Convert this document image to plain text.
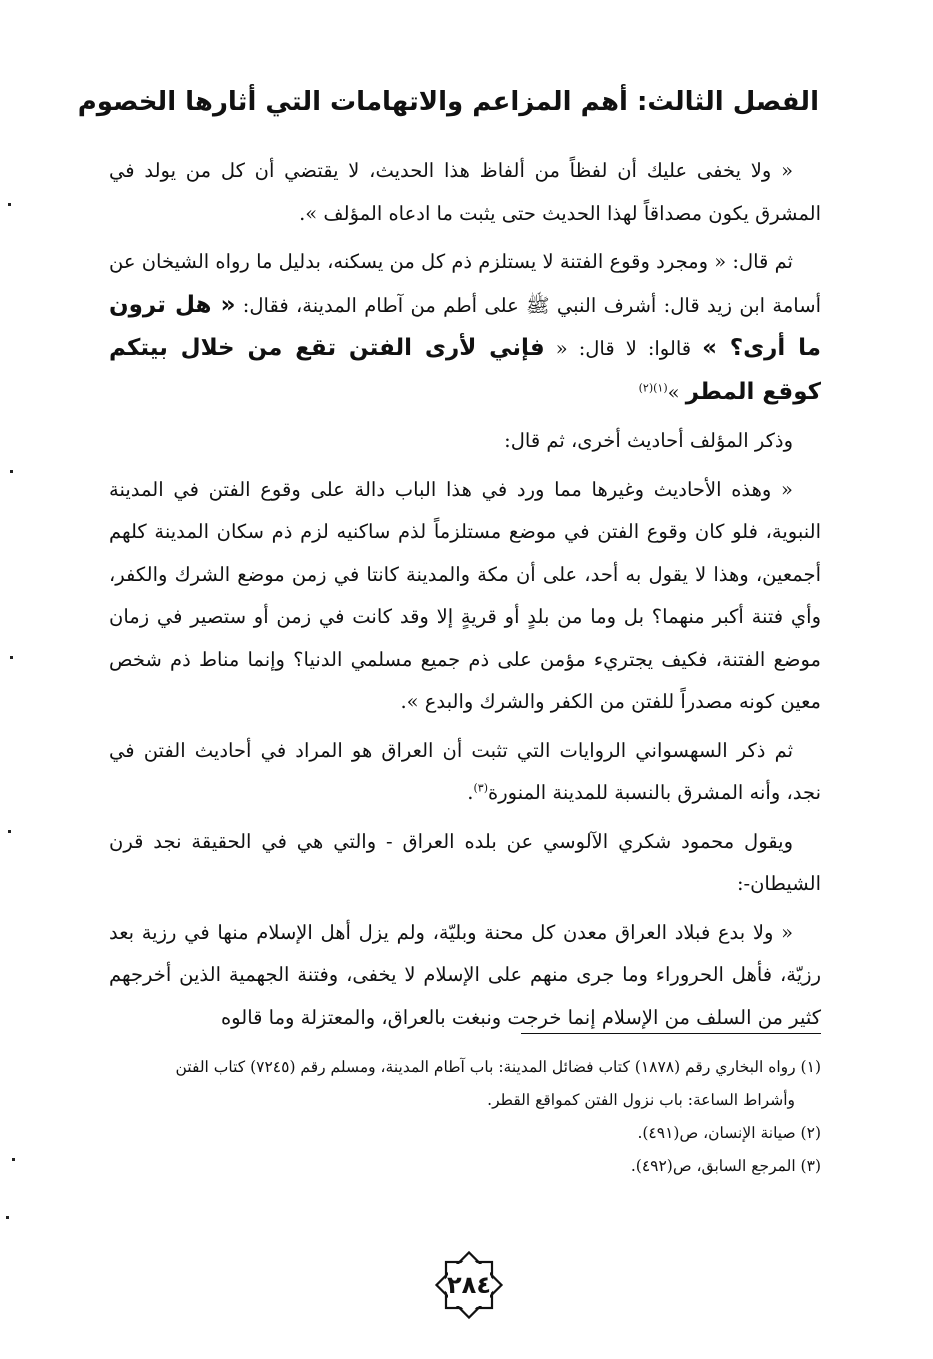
الفصل الثالث: أهم المزاعم والاتهامات التي أثارها الخصوم

« ولا يخفى عليك أن لفظاً من ألفاظ هذا الحديث، لا يقتضي أن كل من يولد في المشرق يكون مصداقاً لهذا الحديث حتى يثبت ما ادعاه المؤلف ».

ثم قال: « ومجرد وقوع الفتنة لا يستلزم ذم كل من يسكنه، بدليل ما رواه الشيخان عن أسامة ابن زيد قال: أشرف النبي ﷺ على أطم من آطام المدينة، فقال: « هل ترون ما أرى؟ » قالوا: لا قال: « فإني لأرى الفتن تقع من خلال بيتكم كوقع المطر »$^{(١)(٢)}$

وذكر المؤلف أحاديث أخرى، ثم قال:

« وهذه الأحاديث وغيرها مما ورد في هذا الباب دالة على وقوع الفتن في المدينة النبوية، فلو كان وقوع الفتن في موضع مستلزماً لذم ساكنيه لزم ذم سكان المدينة كلهم أجمعين، وهذا لا يقول به أحد، على أن مكة والمدينة كانتا في زمن موضع الشرك والكفر، وأي فتنة أكبر منهما؟ بل وما من بلدٍ أو قريةٍ إلا وقد كانت في زمن أو ستصير في زمان موضع الفتنة، فكيف يجتريء مؤمن على ذم جميع مسلمي الدنيا؟ وإنما مناط ذم شخص معين كونه مصدراً للفتن من الكفر والشرك والبدع ».

ثم ذكر السهسواني الروايات التي تثبت أن العراق هو المراد في أحاديث الفتن في نجد، وأنه المشرق بالنسبة للمدينة المنورة$^{(٣)}$.

ويقول محمود شكري الآلوسي عن بلده العراق - والتي هي في الحقيقة نجد قرن الشيطان-:

« ولا بدع فبلاد العراق معدن كل محنة وبليّة، ولم يزل أهل الإسلام منها في رزية بعد رزيّة، فأهل الحروراء وما جرى منهم على الإسلام لا يخفى، وفتنة الجهمية الذين أخرجهم كثير من السلف من الإسلام إنما خرجت ونبغت بالعراق، والمعتزلة وما قالوه

(١) رواه البخاري رقم (١٨٧٨) كتاب فضائل المدينة: باب آطام المدينة، ومسلم رقم (٧٢٤٥) كتاب الفتن
وأشراط الساعة: باب نزول الفتن كمواقع القطر.
(٢) صيانة الإنسان، ص(٤٩١).
(٣) المرجع السابق، ص(٤٩٢).
٢٨٤
